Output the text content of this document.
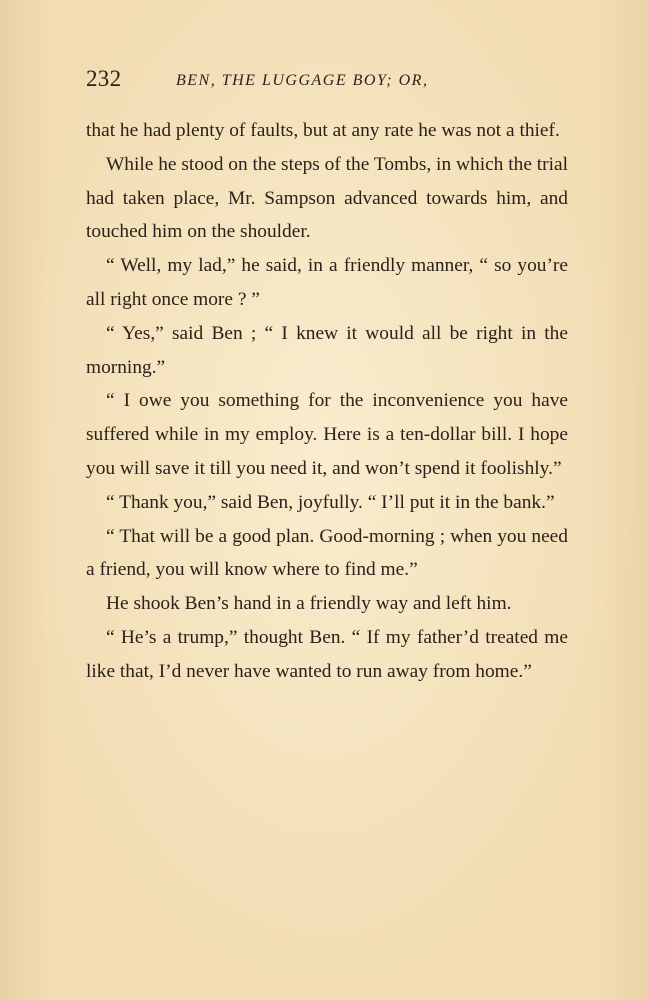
232	BEN, THE LUGGAGE BOY; OR,

that he had plenty of faults, but at any rate he was not a thief.

While he stood on the steps of the Tombs, in which the trial had taken place, Mr. Sampson advanced towards him, and touched him on the shoulder.

“ Well, my lad,” he said, in a friendly manner, “ so you’re all right once more ? ”

“ Yes,” said Ben ; “ I knew it would all be right in the morning.”

“ I owe you something for the inconvenience you have suffered while in my employ. Here is a ten-dollar bill. I hope you will save it till you need it, and won’t spend it foolishly.”

“ Thank you,” said Ben, joyfully. “ I’ll put it in the bank.”

“ That will be a good plan. Good-morning ; when you need a friend, you will know where to find me.”

He shook Ben’s hand in a friendly way and left him.

“ He’s a trump,” thought Ben. “ If my father’d treated me like that, I’d never have wanted to run away from home.”
